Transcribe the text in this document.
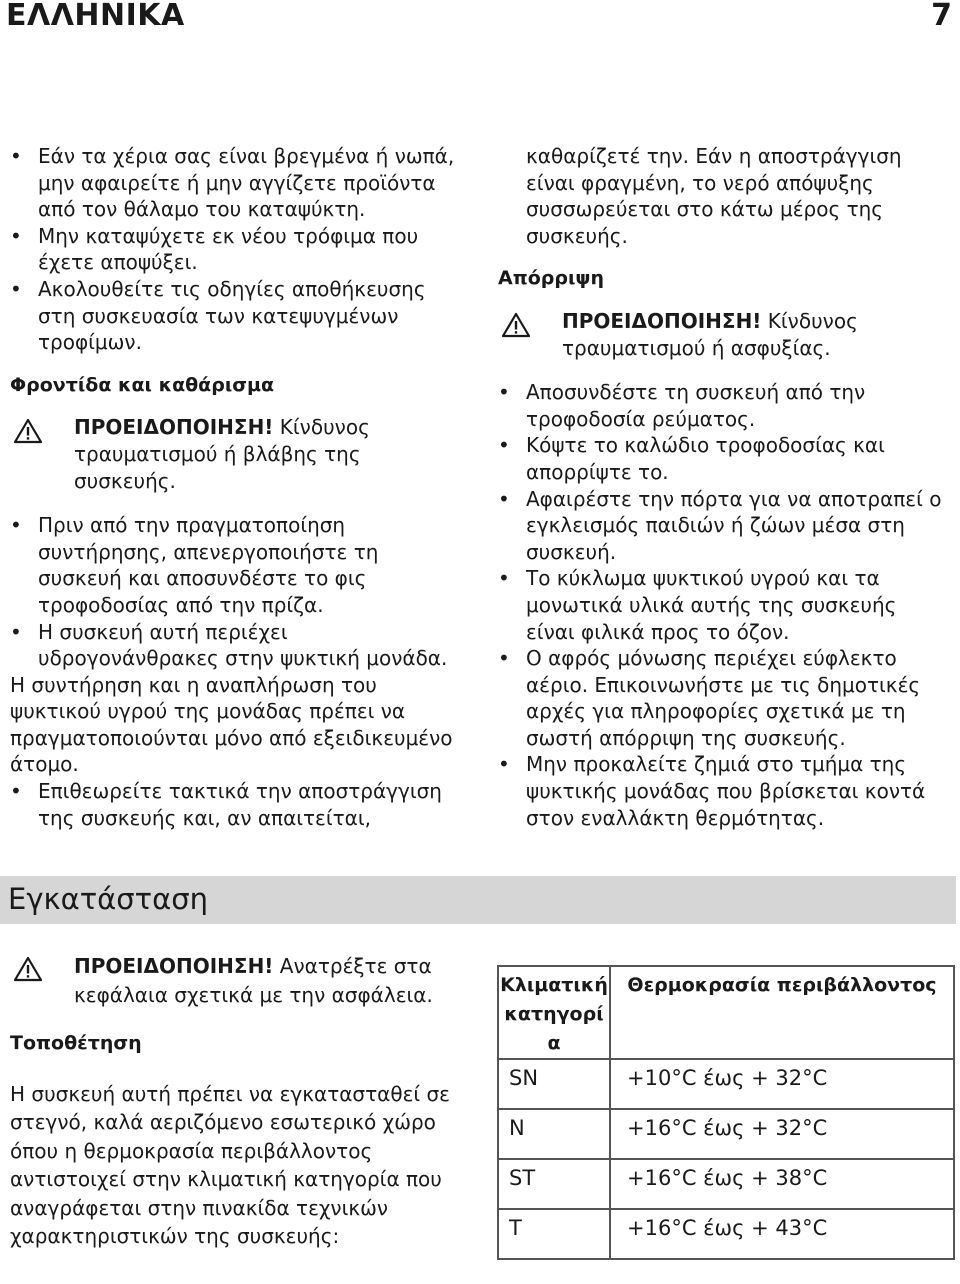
ΕΛΛΗΝΙΚΑ	7
• Εάν τα χέρια σας είναι βρεγμένα ή νωπά, μην αφαιρείτε ή μην αγγίζετε προϊόντα από τον θάλαμο του καταψύκτη.
• Μην καταψύχετε εκ νέου τρόφιμα που έχετε αποψύξει.
• Ακολουθείτε τις οδηγίες αποθήκευσης στη συσκευασία των κατεψυγμένων τροφίμων.
Φροντίδα και καθάρισμα
ΠΡΟΕΙΔΟΠΟΙΗΣΗ! Κίνδυνος τραυματισμού ή βλάβης της συσκευής.
• Πριν από την πραγματοποίηση συντήρησης, απενεργοποιήστε τη συσκευή και αποσυνδέστε το φις τροφοδοσίας από την πρίζα.
• Η συσκευή αυτή περιέχει υδρογονάνθρακες στην ψυκτική μονάδα.

Η συντήρηση και η αναπλήρωση του ψυκτικού υγρού της μονάδας πρέπει να πραγματοποιούνται μόνο από εξειδικευμένο άτομο.

• Επιθεωρείτε τακτικά την αποστράγγιση της συσκευής και, αν απαιτείται,

καθαρίζετέ την. Εάν η αποστράγγιση είναι φραγμένη, το νερό απόψυξης συσσωρεύεται στο κάτω μέρος της συσκευής.

Απόρριψη
ΠΡΟΕΙΔΟΠΟΙΗΣΗ! Κίνδυνος τραυματισμού ή ασφυξίας.
• Αποσυνδέστε τη συσκευή από την τροφοδοσία ρεύματος.
• Κόψτε το καλώδιο τροφοδοσίας και απορρίψτε το.
• Αφαιρέστε την πόρτα για να αποτραπεί ο εγκλεισμός παιδιών ή ζώων μέσα στη συσκευή.
• Το κύκλωμα ψυκτικού υγρού και τα μονωτικά υλικά αυτής της συσκευής είναι φιλικά προς το όζον.
• Ο αφρός μόνωσης περιέχει εύφλεκτο αέριο. Επικοινωνήστε με τις δημοτικές αρχές για πληροφορίες σχετικά με τη σωστή απόρριψη της συσκευής.
• Μην προκαλείτε ζημιά στο τμήμα της ψυκτικής μονάδας που βρίσκεται κοντά στον εναλλάκτη θερμότητας.
Εγκατάσταση
ΠΡΟΕΙΔΟΠΟΙΗΣΗ! Ανατρέξτε στα κεφάλαια σχετικά με την ασφάλεια.
Τοποθέτηση

Η συσκευή αυτή πρέπει να εγκατασταθεί σε στεγνό, καλά αεριζόμενο εσωτερικό χώρο όπου η θερμοκρασία περιβάλλοντος αντιστοιχεί στην κλιματική κατηγορία που αναγράφεται στην πινακίδα τεχνικών χαρακτηριστικών της συσκευής:

Κλιματική κατηγορί α	Θερμοκρασία περιβάλλοντος
SN	+10°C έως + 32°C
N	+16°C έως + 32°C
ST	+16°C έως + 38°C
T	+16°C έως + 43°C
